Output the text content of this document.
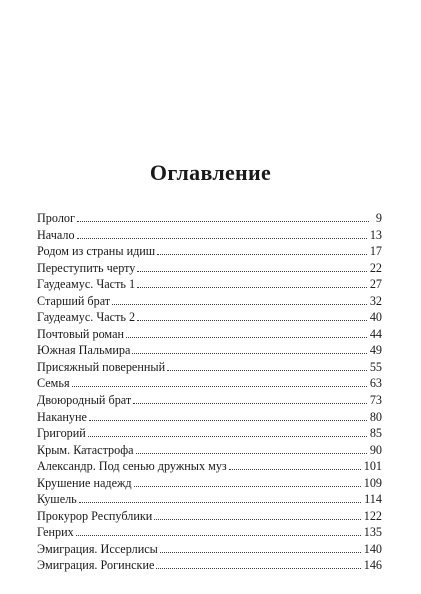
Оглавление
Пролог	9
Начало	13
Родом из страны идиш	17
Переступить черту	22
Гаудеамус. Часть 1	27
Старший брат	32
Гаудеамус. Часть 2	40
Почтовый роман	44
Южная Пальмира	49
Присяжный поверенный	55
Семья	63
Двоюродный брат	73
Накануне	80
Григорий	85
Крым. Катастрофа	90
Александр. Под сенью дружных муз	101
Крушение надежд	109
Кушель	114
Прокурор Республики	122
Генрих	135
Эмиграция. Иссерлисы	140
Эмиграция. Рогинские	146
